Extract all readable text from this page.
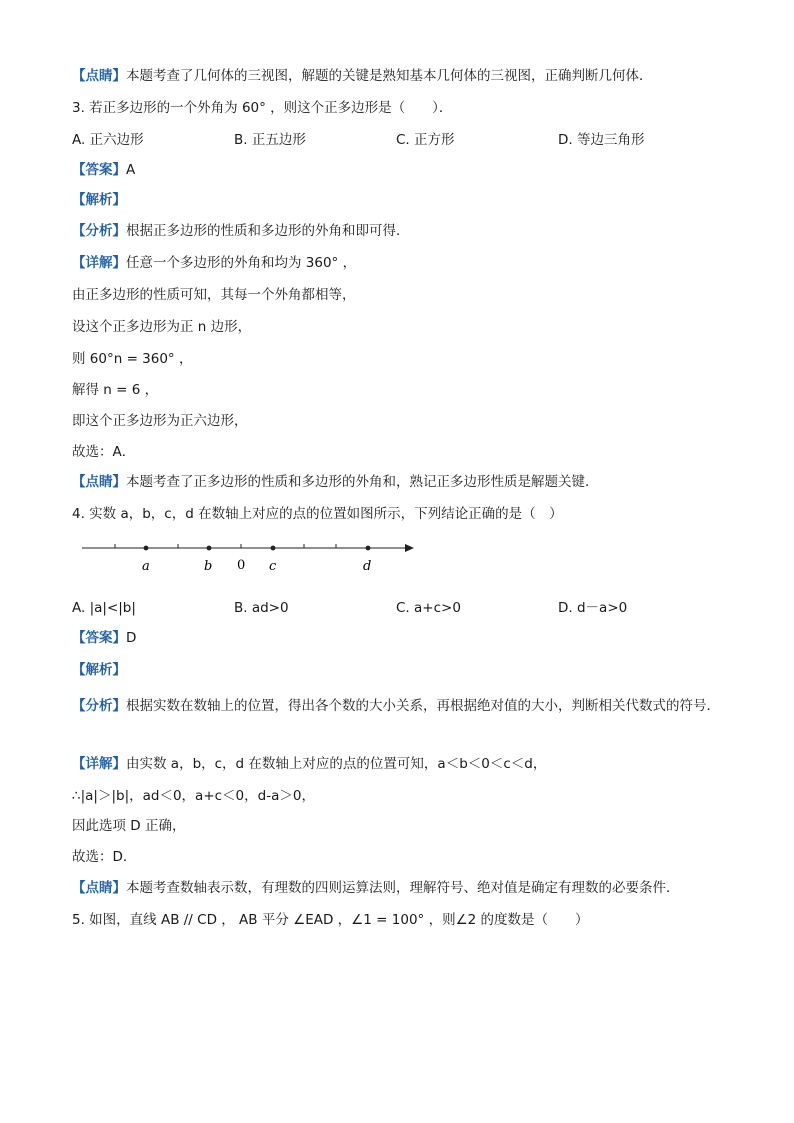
【点睛】本题考查了几何体的三视图，解题的关键是熟知基本几何体的三视图，正确判断几何体．
3. 若正多边形的一个外角为 60° ，则这个正多边形是（　　）．
A. 正六边形	B. 正五边形	C. 正方形	D. 等边三角形
【答案】A
【解析】
【分析】根据正多边形的性质和多边形的外角和即可得．
【详解】任意一个多边形的外角和均为 360° ，
由正多边形的性质可知，其每一个外角都相等，
设这个正多边形为正 n 边形，
则 60°n = 360° ，
解得 n = 6 ，
即这个正多边形为正六边形，
故选：A．
【点睛】本题考查了正多边形的性质和多边形的外角和，熟记正多边形性质是解题关键．
4. 实数 a，b，c，d 在数轴上对应的点的位置如图所示，下列结论正确的是（　）
a	b 0 c	d
A. |a|<|b|	B. ad>0	C. a+c>0	D. d－a>0
【答案】D
【解析】
【分析】根据实数在数轴上的位置，得出各个数的大小关系，再根据绝对值的大小，判断相关代数式的符号．
【详解】由实数 a，b，c，d 在数轴上对应的点的位置可知，a＜b＜0＜c＜d，
∴|a|＞|b|，ad＜0，a+c＜0，d-a＞0，
因此选项 D 正确，
故选：D．
【点睛】本题考查数轴表示数，有理数的四则运算法则，理解符号、绝对值是确定有理数的必要条件．
5. 如图，直线 AB // CD ， AB 平分 ∠EAD ，∠1 = 100° ，则∠2 的度数是（　　）
